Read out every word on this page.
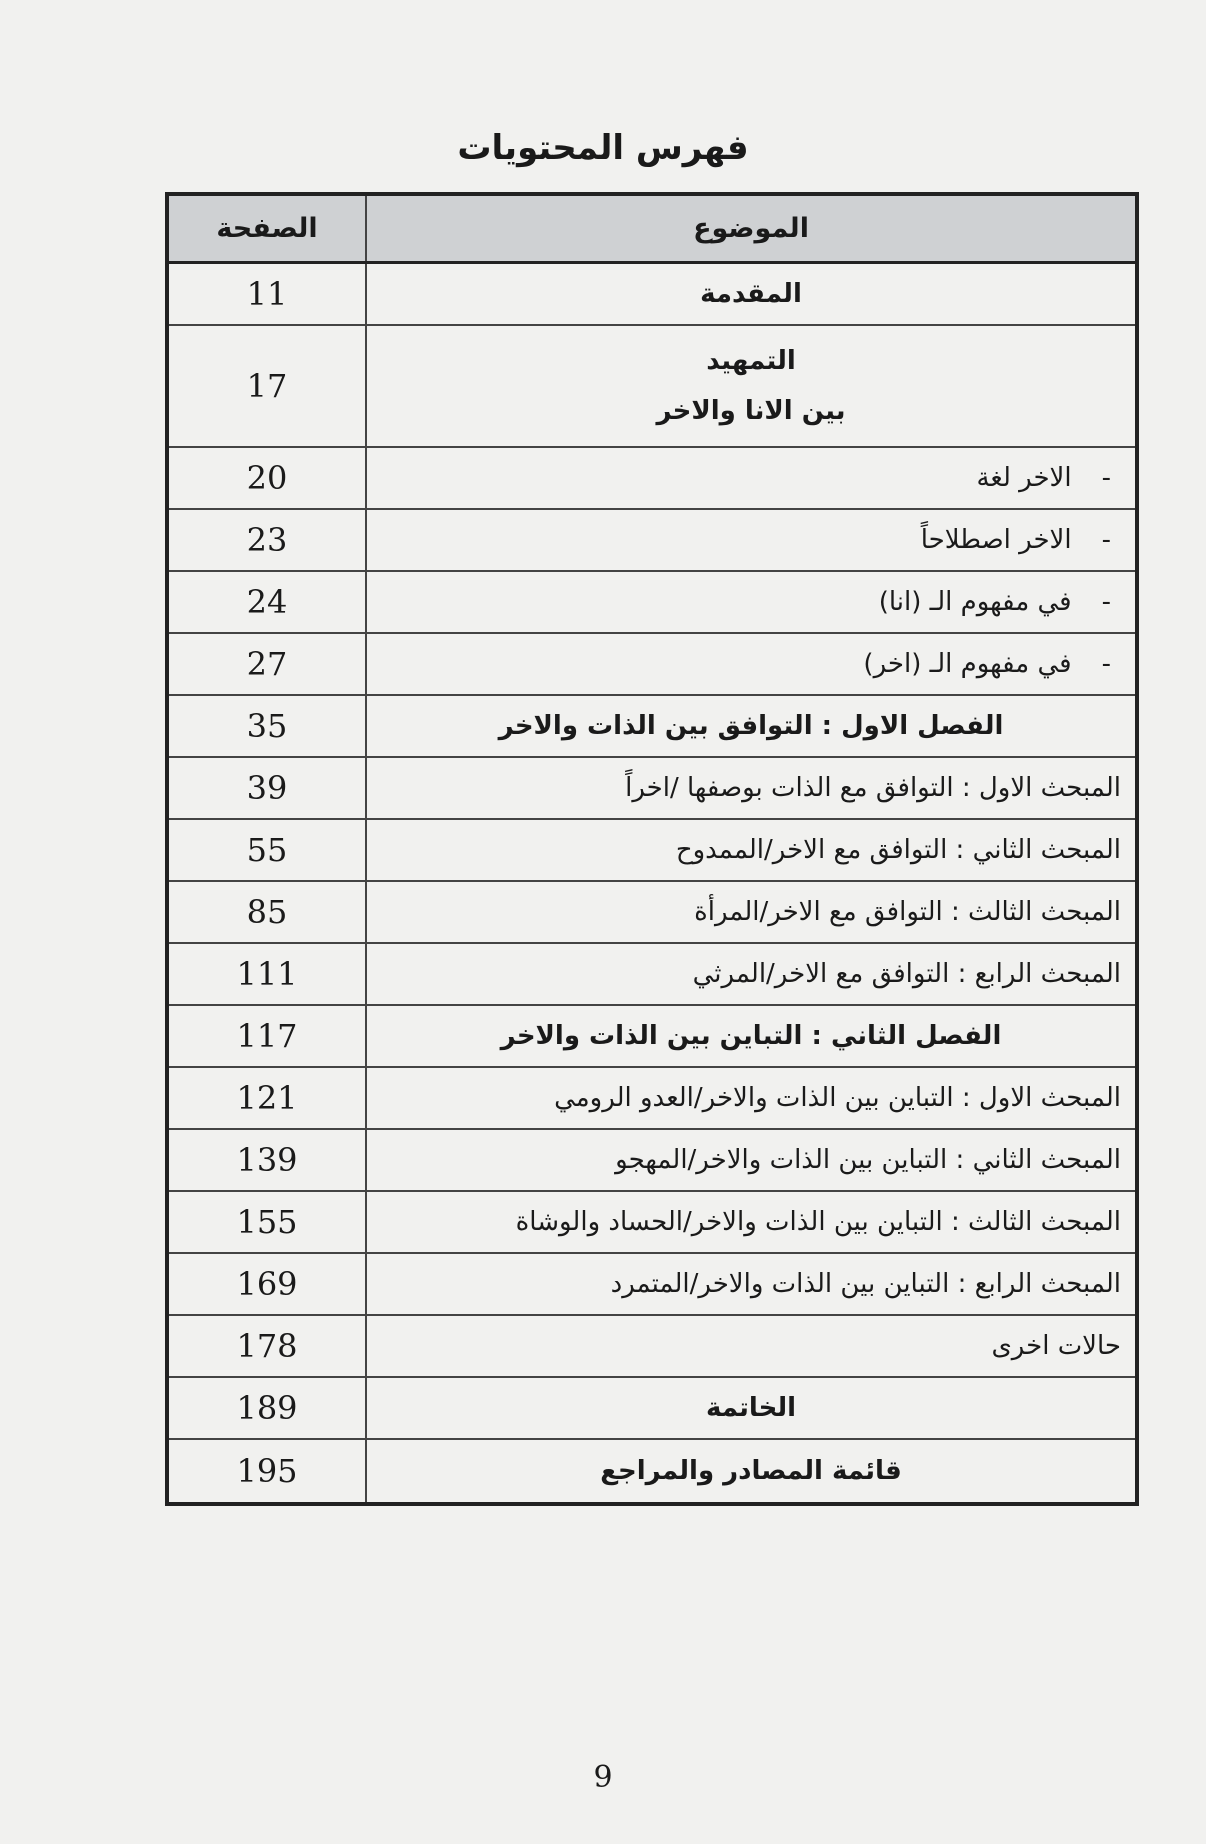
فهرس المحتويات
الموضوع
الصفحة
المقدمة
11
التمهيد
بين الانا والاخر
17
-
الاخر لغة
20
-
الاخر اصطلاحاً
23
-
في مفهوم الـ (انا)
24
-
في مفهوم الـ (اخر)
27
الفصل الاول : التوافق بين الذات والاخر
35
المبحث الاول : التوافق مع الذات بوصفها /اخراً
39
المبحث الثاني : التوافق مع الاخر/الممدوح
55
المبحث الثالث : التوافق مع الاخر/المرأة
85
المبحث الرابع : التوافق مع الاخر/المرثي
111
الفصل الثاني : التباين بين الذات والاخر
117
المبحث الاول : التباين بين الذات والاخر/العدو الرومي
121
المبحث الثاني : التباين بين الذات والاخر/المهجو
139
المبحث الثالث : التباين بين الذات والاخر/الحساد والوشاة
155
المبحث الرابع : التباين بين الذات والاخر/المتمرد
169
حالات اخرى
178
الخاتمة
189
قائمة المصادر والمراجع
195
9
